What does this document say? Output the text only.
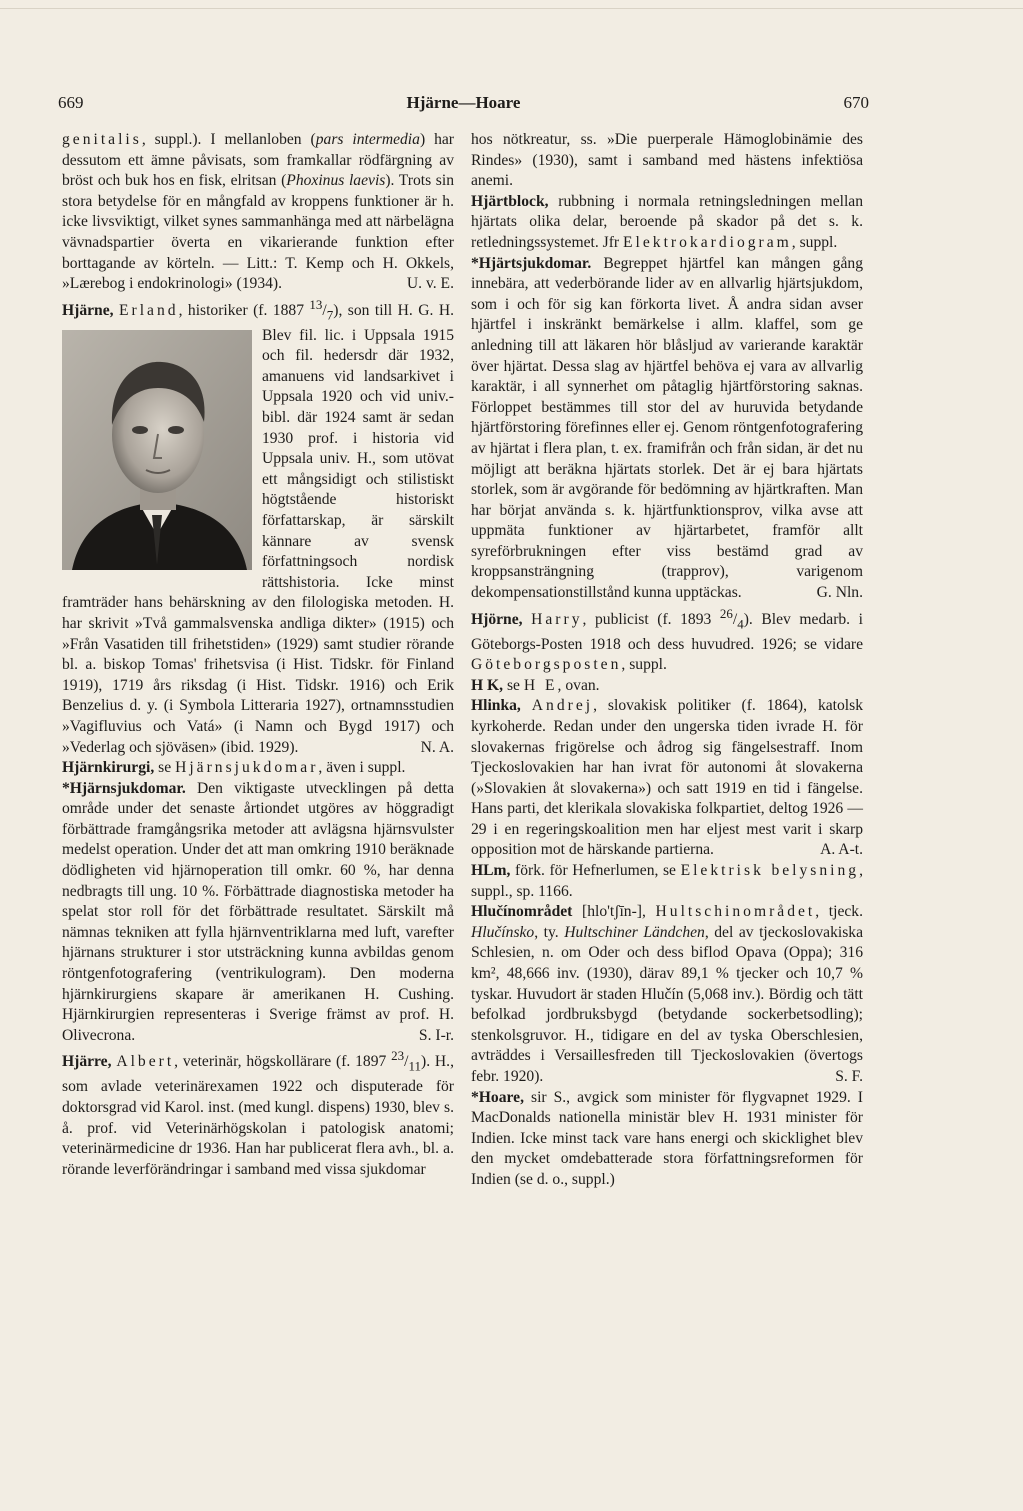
Hjärne—Hoare
669	670

genitalis, suppl.). I mellanloben (pars intermedia) har dessutom ett ämne påvisats, som framkallar rödfärgning av bröst och buk hos en fisk, elritsan (Phoxinus laevis). Trots sin stora betydelse för en mångfald av kroppens funktioner är h. icke livsviktigt, vilket synes sammanhänga med att närbelägna vävnadspartier överta en vikarierande funktion efter borttagande av körteln. — Litt.: T. Kemp och H. Okkels, »Lærebog i endokrinologi» (1934).	U. v. E.

Hjärne, Erland, historiker (f. 1887 $^{13}/_7$
), son till H. G. H. Blev fil. lic. i Uppsala 1915 och fil. hedersdr där 1932, amanuens vid landsarkivet i Uppsala 1920 och vid univ.-bibl. där 1924 samt är sedan 1930 prof. i historia vid Uppsala univ. H., som utövat ett mångsidigt och stilistiskt högtstående historiskt författarskap, är särskilt kännare av svensk författningsoch nordisk rättshistoria. Icke minst framträder hans behärskning av den filologiska metoden. H. har skrivit »Två gammalsvenska andliga dikter» (1915) och »Från Vasatiden till frihetstiden» (1929) samt studier rörande bl. a. biskop Tomas' frihetsvisa (i Hist. Tidskr. för Finland 1919), 1719 års riksdag (i Hist. Tidskr. 1916) och Erik Benzelius d. y. (i Symbola Litteraria 1927), ortnamnsstudien »Vagifluvius och Vatá» (i Namn och Bygd 1917) och »Vederlag och sjöväsen» (ibid. 1929).	N. A.

Hjärnkirurgi, se Hjärnsjukdomar, även i suppl.

*Hjärnsjukdomar. Den viktigaste utvecklingen på detta område under det senaste årtiondet utgöres av höggradigt förbättrade framgångsrika metoder att avlägsna hjärnsvulster medelst operation. Under det att man omkring 1910 beräknade dödligheten vid hjärnoperation till omkr. 60 %, har denna nedbragts till ung. 10 %. Förbättrade diagnostiska metoder ha spelat stor roll för det förbättrade resultatet. Särskilt må nämnas tekniken att fylla hjärnventriklarna med luft, varefter hjärnans strukturer i stor utsträckning kunna avbildas genom röntgenfotografering (ventrikulogram). Den moderna hjärnkirurgiens skapare är amerikanen H. Cushing. Hjärnkirurgien representeras i Sverige främst av prof. H. Olivecrona.	S. I-r.

Hjärre, Albert, veterinär, högskollärare (f. 1897 $^{23}/_{11}$). H., som avlade veterinärexamen 1922 och disputerade för doktorsgrad vid Karol. inst. (med kungl. dispens) 1930, blev s. å. prof. vid Veterinärhögskolan i patologisk anatomi; veterinärmedicine dr 1936. Han har publicerat flera avh., bl. a. rörande leverförändringar i samband med vissa sjukdomar

hos nötkreatur, ss. »Die puerperale Hämoglobinämie des Rindes» (1930), samt i samband med hästens infektiösa anemi.

Hjärtblock, rubbning i normala retningsledningen mellan hjärtats olika delar, beroende på skador på det s. k. retledningssystemet. Jfr Elektrokardiogram, suppl.

*Hjärtsjukdomar. Begreppet hjärtfel kan mången gång innebära, att vederbörande lider av en allvarlig hjärtsjukdom, som i och för sig kan förkorta livet. Å andra sidan avser hjärtfel i inskränkt bemärkelse i allm. klaffel, som ge anledning till att läkaren hör blåsljud av varierande karaktär över hjärtat. Dessa slag av hjärtfel behöva ej vara av allvarlig karaktär, i all synnerhet om påtaglig hjärtförstoring saknas. Förloppet bestämmes till stor del av huruvida betydande hjärtförstoring förefinnes eller ej. Genom röntgenfotografering av hjärtat i flera plan, t. ex. framifrån och från sidan, är det nu möjligt att beräkna hjärtats storlek. Det är ej bara hjärtats storlek, som är avgörande för bedömning av hjärtkraften. Man har börjat använda s. k. hjärtfunktionsprov, vilka avse att uppmäta funktioner av hjärtarbetet, framför allt syreförbrukningen efter viss bestämd grad av kroppsansträngning (trapprov), varigenom dekompensationstillstånd kunna upptäckas.	G. Nln.

Hjörne, Harry, publicist (f. 1893 $^{26}/_4$). Blev medarb. i Göteborgs-Posten 1918 och dess huvudred. 1926; se vidare Göteborgsposten, suppl.

H K, se H E, ovan.

Hlinka, Andrej, slovakisk politiker (f. 1864), katolsk kyrkoherde. Redan under den ungerska tiden ivrade H. för slovakernas frigörelse och ådrog sig fängelsestraff. Inom Tjeckoslovakien har han ivrat för autonomi åt slovakerna (»Slovakien åt slovakerna») och satt 1919 en tid i fängelse. Hans parti, det klerikala slovakiska folkpartiet, deltog 1926 —29 i en regeringskoalition men har eljest mest varit i skarp opposition mot de härskande partierna.	A. A-t.

HLm, förk. för Hefnerlumen, se Elektrisk belysning, suppl., sp. 1166.

Hlučínområdet [hlo'tʃīn-], Hultschinområdet, tjeck. Hlučínsko, ty. Hultschiner Ländchen, del av tjeckoslovakiska Schlesien, n. om Oder och dess biflod Opava (Oppa); 316 km², 48,666 inv. (1930), därav 89,1 % tjecker och 10,7 % tyskar. Huvudort är staden Hlučín (5,068 inv.). Bördig och tätt befolkad jordbruksbygd (betydande sockerbetsodling); stenkolsgruvor. H., tidigare en del av tyska Oberschlesien, avträddes i Versaillesfreden till Tjeckoslovakien (övertogs febr. 1920).	S. F.

*Hoare, sir S., avgick som minister för flygvapnet 1929. I MacDonalds nationella ministär blev H. 1931 minister för Indien. Icke minst tack vare hans energi och skicklighet blev den mycket omdebatterade stora författningsreformen för Indien (se d. o., suppl.)
